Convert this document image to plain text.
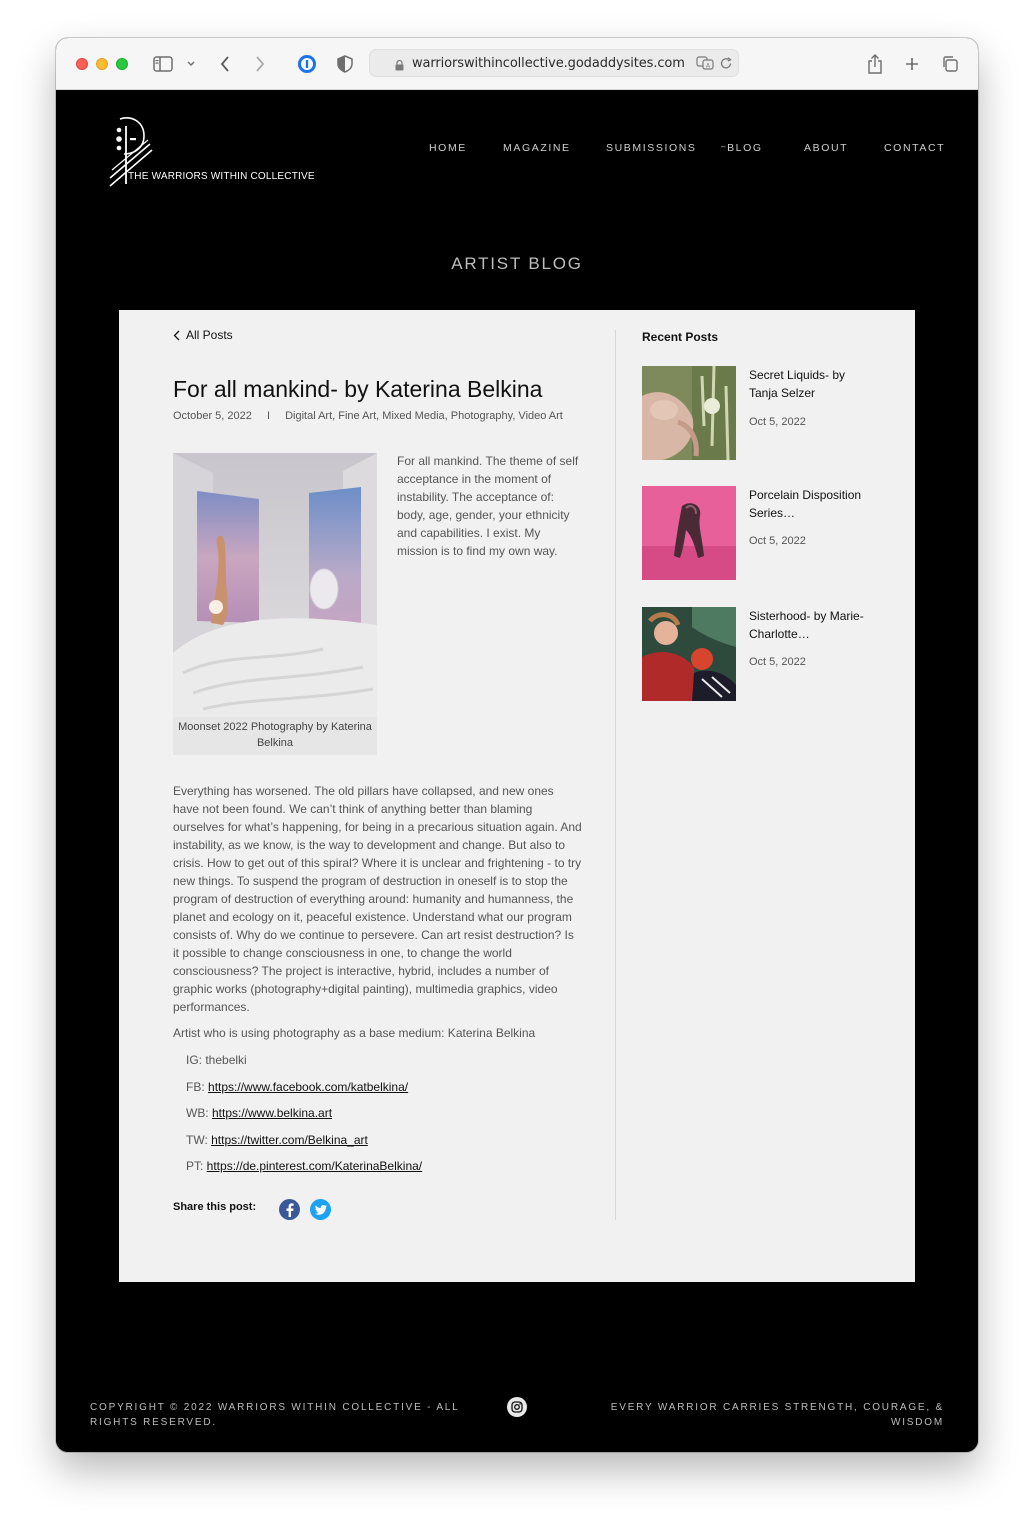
warriorswithincollective.godaddysites.com	A
THE WARRIORS WITHIN COLLECTIVE
HOME	MAGAZINE	SUBMISSIONS	–BLOG	ABOUT	CONTACT
ARTIST BLOG
All Posts
For all mankind- by Katerina Belkina
October 5, 2022 I Digital Art, Fine Art, Mixed Media, Photography, Video Art
Moonset 2022 Photography by Katerina Belkina
For all mankind. The theme of self acceptance in the moment of instability. The acceptance of: body, age, gender, your ethnicity and capabilities. I exist. My mission is to find my own way.
Everything has worsened. The old pillars have collapsed, and new ones have not been found. We can’t think of anything better than blaming ourselves for what’s happening, for being in a precarious situation again. And instability, as we know, is the way to development and change. But also to crisis. How to get out of this spiral? Where it is unclear and frightening - to try new things. To suspend the program of destruction in oneself is to stop the program of destruction of everything around: humanity and humanness, the planet and ecology on it, peaceful existence. Understand what our program consists of. Why do we continue to persevere. Can art resist destruction? Is it possible to change consciousness in one, to change the world consciousness? The project is interactive, hybrid, includes a number of graphic works (photography+digital painting), multimedia graphics, video performances.
Artist who is using photography as a base medium: Katerina Belkina
IG: thebelki
FB: https://www.facebook.com/katbelkina/
WB: https://www.belkina.art
TW: https://twitter.com/Belkina_art
PT: https://de.pinterest.com/KaterinaBelkina/
Share this post:
Recent Posts
Secret Liquids- by Tanja Selzer
Oct 5, 2022
Porcelain Disposition Series…
Oct 5, 2022
Sisterhood- by Marie-Charlotte…
Oct 5, 2022
COPYRIGHT © 2022 WARRIORS WITHIN COLLECTIVE - ALL RIGHTS RESERVED.
EVERY WARRIOR CARRIES STRENGTH, COURAGE, & WISDOM
